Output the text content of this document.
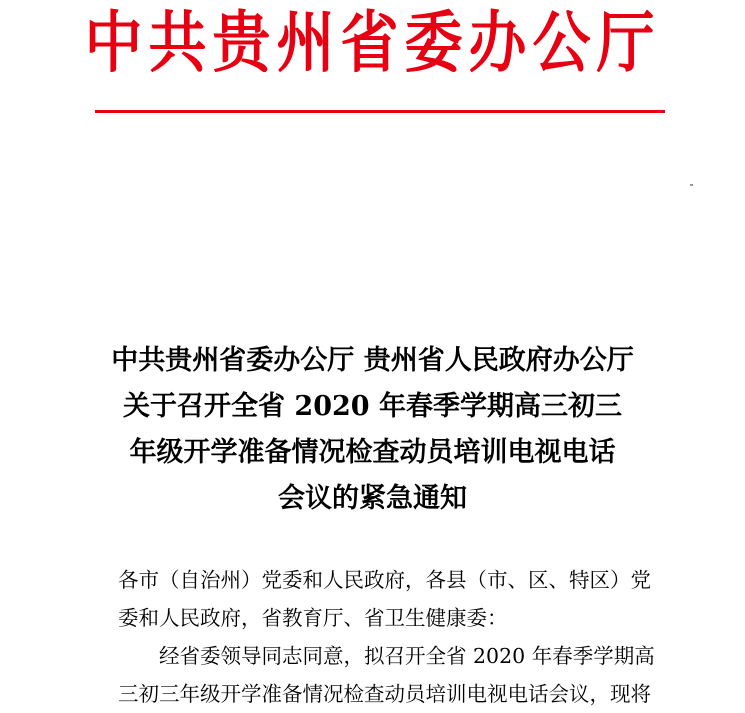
中共贵州省委办公厅
中共贵州省委办公厅 贵州省人民政府办公厅
关于召开全省 2020 年春季学期高三初三
年级开学准备情况检查动员培训电视电话
会议的紧急通知
各市（自治州）党委和人民政府，各县（市、区、特区）党
委和人民政府，省教育厅、省卫生健康委：
经省委领导同志同意，拟召开全省 2020 年春季学期高
三初三年级开学准备情况检查动员培训电视电话会议，现将
